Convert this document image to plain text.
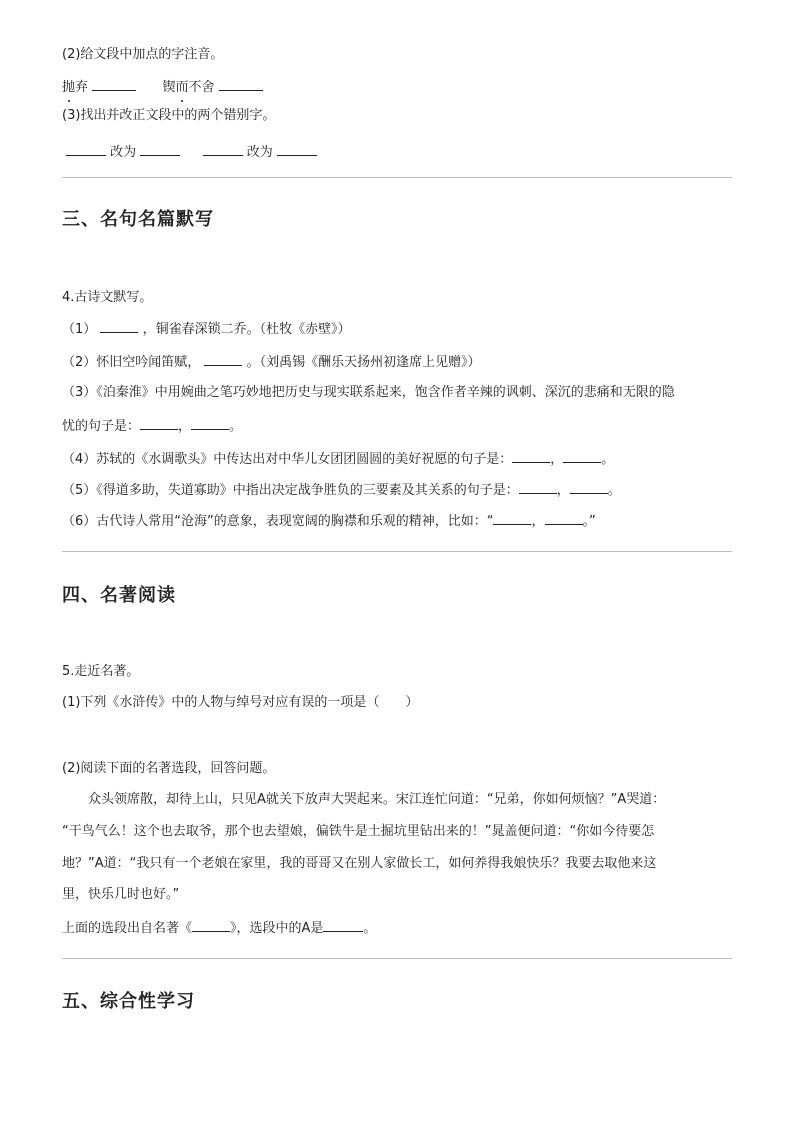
(2)给文段中加点的字注音。
抛弃	锲而不舍
(3)找出并改正文段中的两个错别字。
改为	改为
三、名句名篇默写
4.古诗文默写。
（1）	，铜雀春深锁二乔。（杜牧《赤壁》）
（2）怀旧空吟闻笛赋，	。（刘禹锡《酬乐天扬州初逢席上见赠》）
（3）《泊秦淮》中用婉曲之笔巧妙地把历史与现实联系起来，饱含作者辛辣的讽刺、深沉的悲痛和无限的隐
忧的句子是：	，	。
（4）苏轼的《水调歌头》中传达出对中华儿女团团圆圆的美好祝愿的句子是：	，	。
（5）《得道多助，失道寡助》中指出决定战争胜负的三要素及其关系的句子是：	，	。
（6）古代诗人常用“沧海”的意象，表现宽阔的胸襟和乐观的精神，比如：“	，	。”
四、名著阅读
5.走近名著。
(1)下列《水浒传》中的人物与绰号对应有误的一项是（　　）
(2)阅读下面的名著选段，回答问题。
众头领席散，却待上山，只见A就关下放声大哭起来。宋江连忙问道：“兄弟，你如何烦恼？”A哭道：
“干鸟气么！这个也去取爷，那个也去望娘，偏铁牛是土掘坑里钻出来的！”晁盖便问道：“你如今待要怎
地？”A道：“我只有一个老娘在家里，我的哥哥又在别人家做长工，如何养得我娘快乐？我要去取他来这
里，快乐几时也好。”
上面的选段出自名著《	》，选段中的A是	。
五、综合性学习
